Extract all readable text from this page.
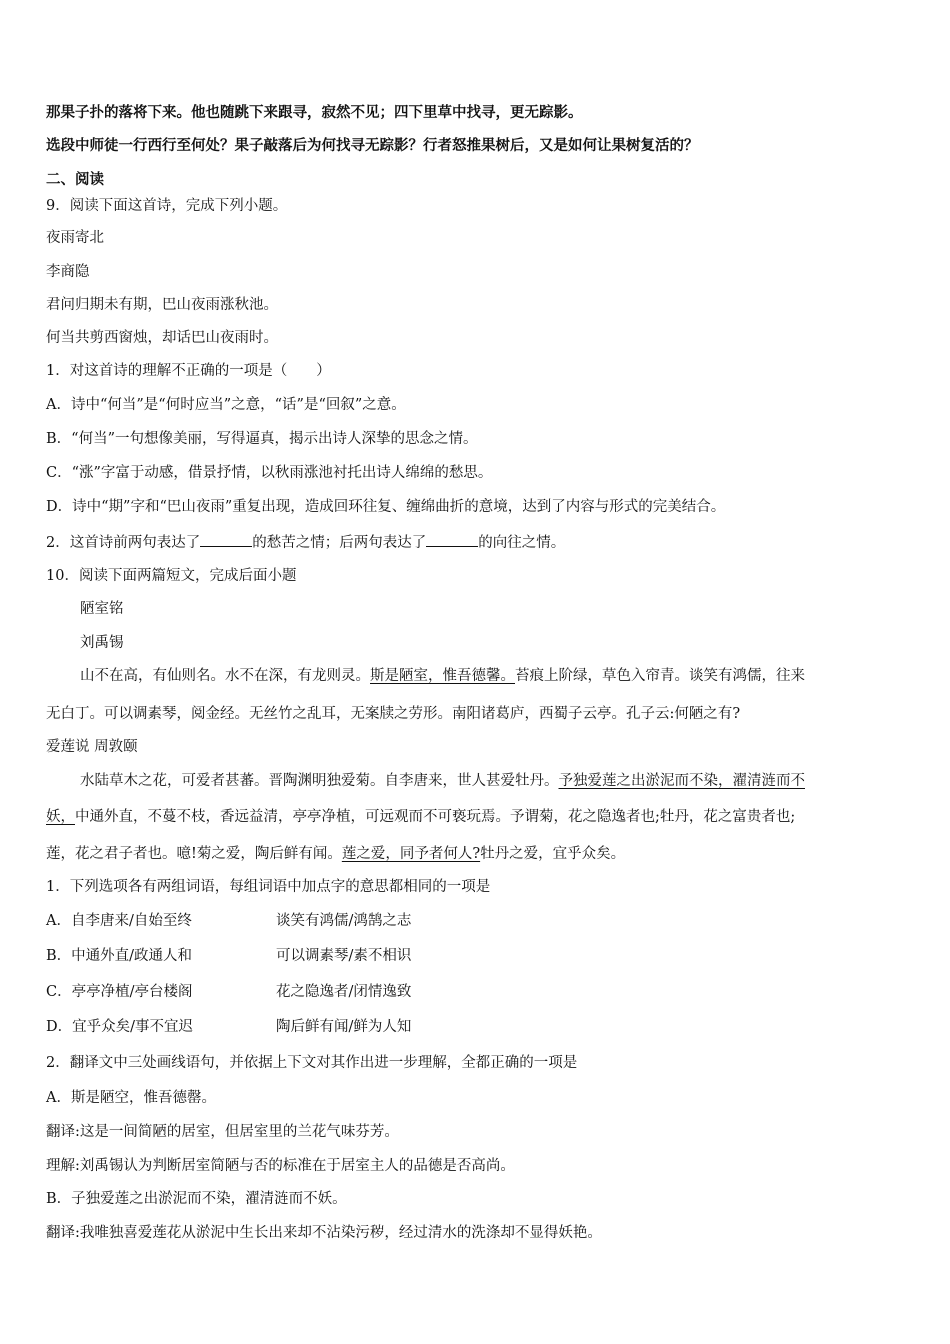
那果子扑的落将下来。他也随跳下来跟寻，寂然不见；四下里草中找寻，更无踪影。
选段中师徒一行西行至何处？果子敲落后为何找寻无踪影？行者怒推果树后，又是如何让果树复活的？
二、阅读
9．阅读下面这首诗，完成下列小题。
夜雨寄北
李商隐
君问归期未有期，巴山夜雨涨秋池。
何当共剪西窗烛，却话巴山夜雨时。
1．对这首诗的理解不正确的一项是（　　）
A．诗中“何当”是“何时应当”之意，“话”是“回叙”之意。
B．“何当”一句想像美丽，写得逼真，揭示出诗人深挚的思念之情。
C．“涨”字富于动感，借景抒情，以秋雨涨池衬托出诗人绵绵的愁思。
D．诗中“期”字和“巴山夜雨”重复出现，造成回环往复、缠绵曲折的意境，达到了内容与形式的完美结合。
2．这首诗前两句表达了	的愁苦之情；后两句表达了	的向往之情。
10．阅读下面两篇短文，完成后面小题
陋室铭
刘禹锡
山不在高，有仙则名。水不在深，有龙则灵。斯是陋室，惟吾德馨。苔痕上阶绿，草色入帘青。谈笑有鸿儒，往来
无白丁。可以调素琴，阅金经。无丝竹之乱耳，无案牍之劳形。南阳诸葛庐，西蜀子云亭。孔子云:何陋之有?
爱莲说 周敦颐
水陆草木之花，可爱者甚蕃。晋陶渊明独爱菊。自李唐来，世人甚爱牡丹。予独爱莲之出淤泥而不染，濯清涟而不
妖，中通外直，不蔓不枝，香远益清，亭亭净植，可远观而不可亵玩焉。予谓菊，花之隐逸者也;牡丹，花之富贵者也;
莲，花之君子者也。噫!菊之爱，陶后鲜有闻。莲之爱，同予者何人?牡丹之爱，宜乎众矣。
1．下列选项各有两组词语，每组词语中加点字的意思都相同的一项是
A．自李唐来/自始至终	谈笑有鸿儒/鸿鹄之志
B．中通外直/政通人和	可以调素琴/素不相识
C．亭亭净植/亭台楼阁	花之隐逸者/闭情逸致
D．宜乎众矣/事不宜迟	陶后鲜有闻/鲜为人知
2．翻译文中三处画线语句，并依据上下文对其作出进一步理解，全都正确的一项是
A．斯是陋空，惟吾德罄。
翻译:这是一间简陋的居室，但居室里的兰花气味芬芳。
理解:刘禹锡认为判断居室简陋与否的标准在于居室主人的品德是否高尚。
B．子独爱莲之出淤泥而不染，濯清涟而不妖。
翻译:我唯独喜爱莲花从淤泥中生长出来却不沾染污秽，经过清水的洗涤却不显得妖艳。
